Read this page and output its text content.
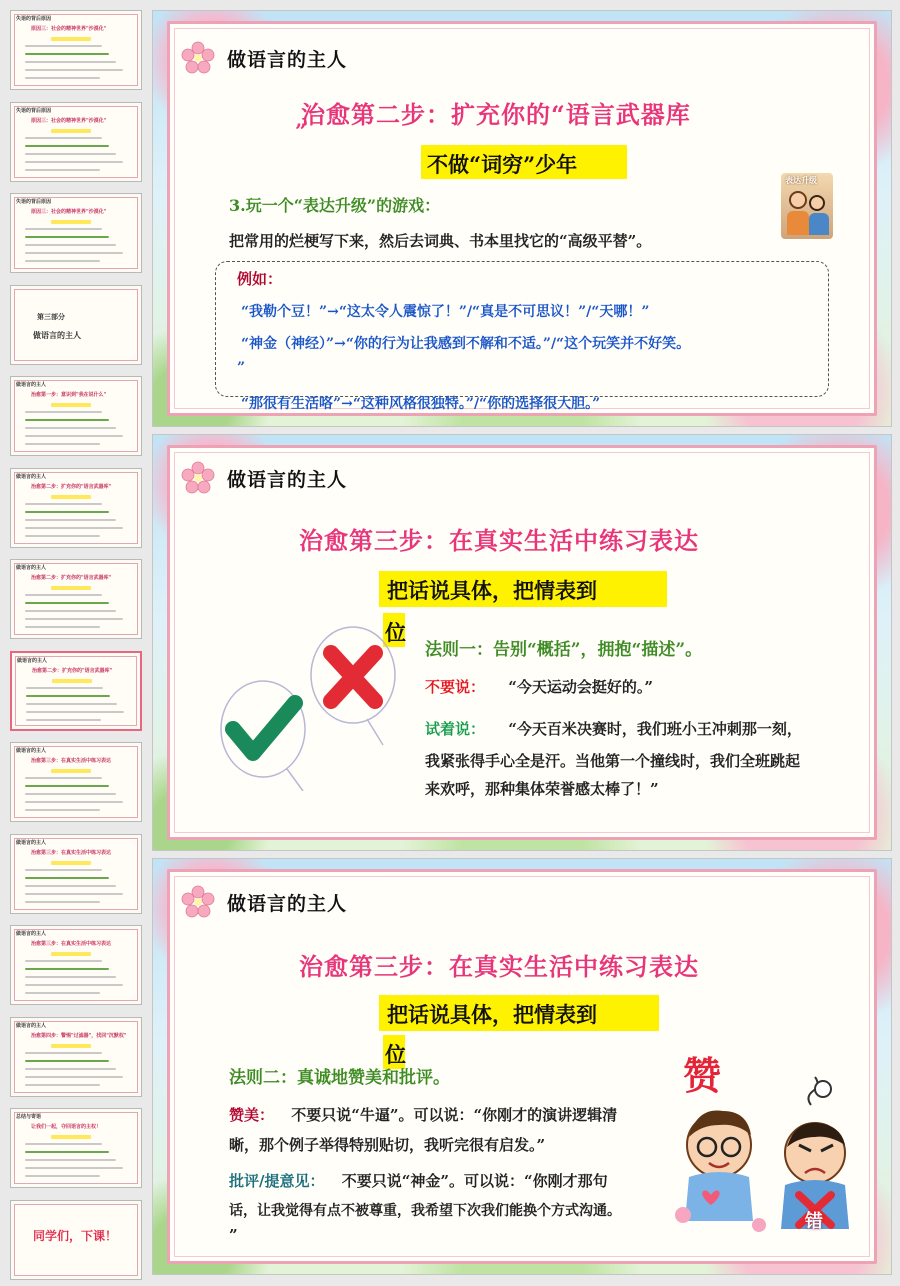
失语的背后原因
原因三：社会的精神世界"沙漠化"
失语的背后原因
原因三：社会的精神世界"沙漠化"
失语的背后原因
原因三：社会的精神世界"沙漠化"
第三部分
做语言的主人
做语言的主人
治愈第一步：意识到"我在说什么"
做语言的主人
治愈第二步：扩充你的"语言武器库"
做语言的主人
治愈第二步：扩充你的"语言武器库"
做语言的主人
治愈第二步：扩充你的"语言武器库"
做语言的主人
治愈第三步：在真实生活中练习表达
做语言的主人
治愈第三步：在真实生活中练习表达
做语言的主人
治愈第三步：在真实生活中练习表达
做语言的主人
治愈第四步：警惕"过滤器"，找回"沉默权"
总结与寄语
让我们一起，夺回语言的主权！
同学们，下课！
做语言的主人
治愈第二步：扩充你的“语言武器库
”
不做“词穷”少年
3.玩一个“表达升级”的游戏：
把常用的烂梗写下来，然后去词典、书本里找它的“高级平替”。
表达升级
例如：
“我勒个豆！”→“这太令人震惊了！”/“真是不可思议！”/“天哪！”
“神金（神经）”→“你的行为让我感到不解和不适。”/“这个玩笑并不好笑。
”
“那很有生活咯”→“这种风格很独特。”/“你的选择很大胆。”
做语言的主人
治愈第三步：在真实生活中练习表达
把话说具体，把情表到
位
法则一：告别“概括”，拥抱“描述”。
不要说： “今天运动会挺好的。”
试着说： “今天百米决赛时，我们班小王冲刺那一刻，
我紧张得手心全是汗。当他第一个撞线时，我们全班跳起
来欢呼，那种集体荣誉感太棒了！”
做语言的主人
治愈第三步：在真实生活中练习表达
把话说具体，把情表到
位
法则二：真诚地赞美和批评。
赞美： 不要只说“牛逼”。可以说：“你刚才的演讲逻辑清
晰，那个例子举得特别贴切，我听完很有启发。”
批评/提意见： 不要只说“神金”。可以说：“你刚才那句
话，让我觉得有点不被尊重，我希望下次我们能换个方式沟通。
”
赞
错
